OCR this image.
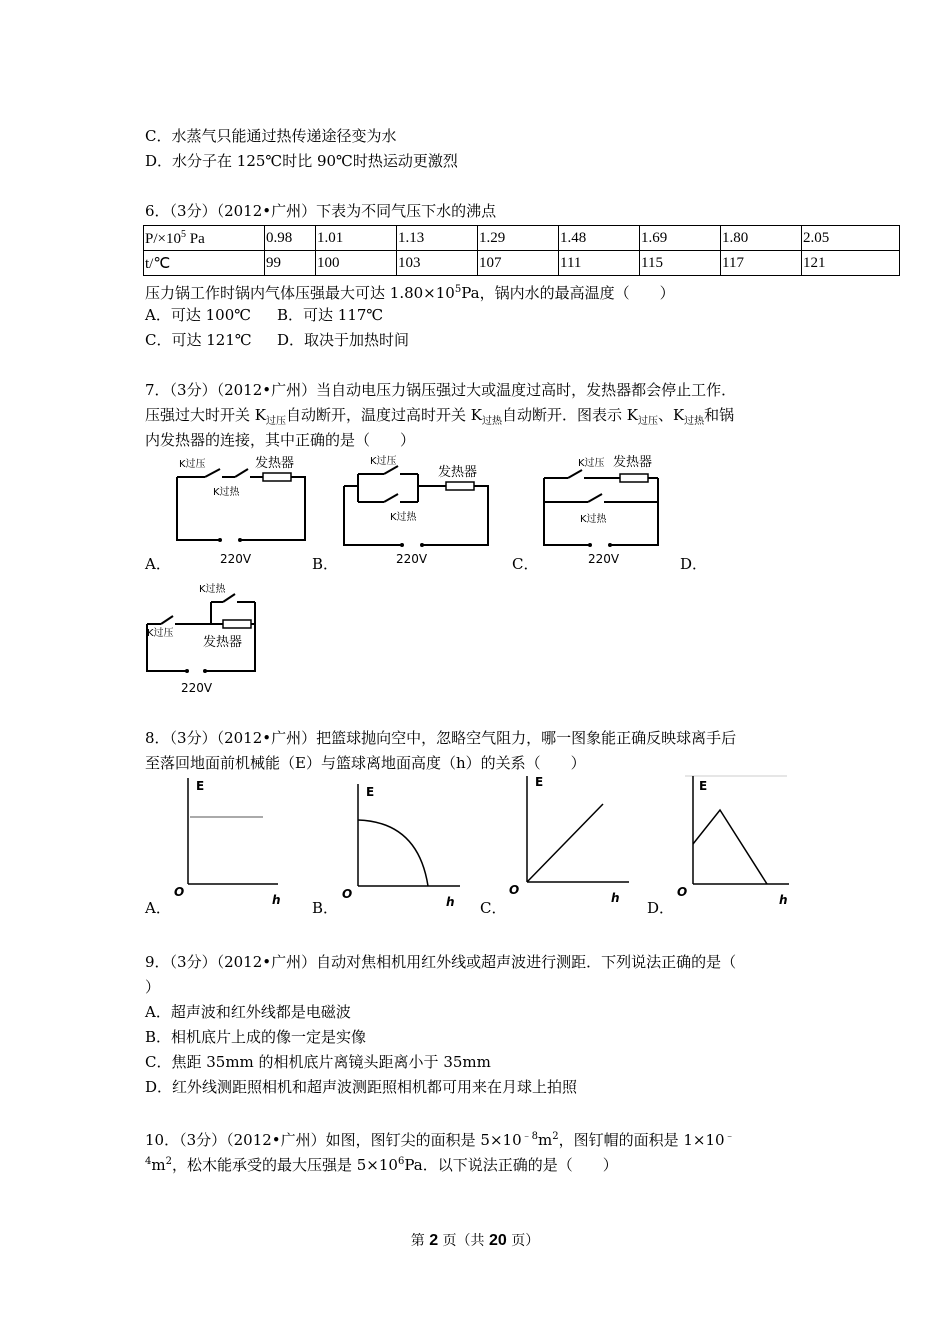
C．水蒸气只能通过热传递途径变为水
D．水分子在 125℃时比 90℃时热运动更激烈
6．（3分）（2012•广州）下表为不同气压下水的沸点
$P/\times 10^5$ Pa	0.98	1.01	1.13	1.29	1.48	1.69	1.80	2.05
t/℃	99	100	103	107	111	115	117	121
压力锅工作时锅内气体压强最大可达 $1.80\times 10^5Pa$，锅内水的最高温度（　　）
A．可达 100℃ B．可达 117℃
C．可达 121℃ D．取决于加热时间
7．（3分）（2012•广州）当自动电压力锅压强过大或温度过高时，发热器都会停止工作．
压强过大时开关 $K_{过压}$自动断开，温度过高时开关 $K_{过热}$自动断开．图表示 $K_{过压}$、$K_{过热}$和锅
内发热器的连接，其中正确的是（　　）
A．	B．	C．	D．
K过压
K过热
发热器
220V
K过压
K过热
发热器
220V
K过压 发热器
K过热
220V
K过热
K过压
发热器
220V
8．（3分）（2012•广州）把篮球抛向空中，忽略空气阻力，哪一图象能正确反映球离手后
至落回地面前机械能（E）与篮球离地面高度（h）的关系（　　）
A．	B．	C．	D．
E
O
h
E
O
h
E
O
h
E
O
h
9．（3分）（2012•广州）自动对焦相机用红外线或超声波进行测距．下列说法正确的是（
）
A．超声波和红外线都是电磁波
B．相机底片上成的像一定是实像
C．焦距 35mm 的相机底片离镜头距离小于 35mm
D．红外线测距照相机和超声波测距照相机都可用来在月球上拍照
10．（3分）（2012•广州）如图，图钉尖的面积是 $5\times 10^{﹣8}m^2$，图钉帽的面积是 1×10﹣
$^4m^2$，松木能承受的最大压强是 $5\times 10^6Pa$．以下说法正确的是（　　）
第 2 页（共 20 页）
